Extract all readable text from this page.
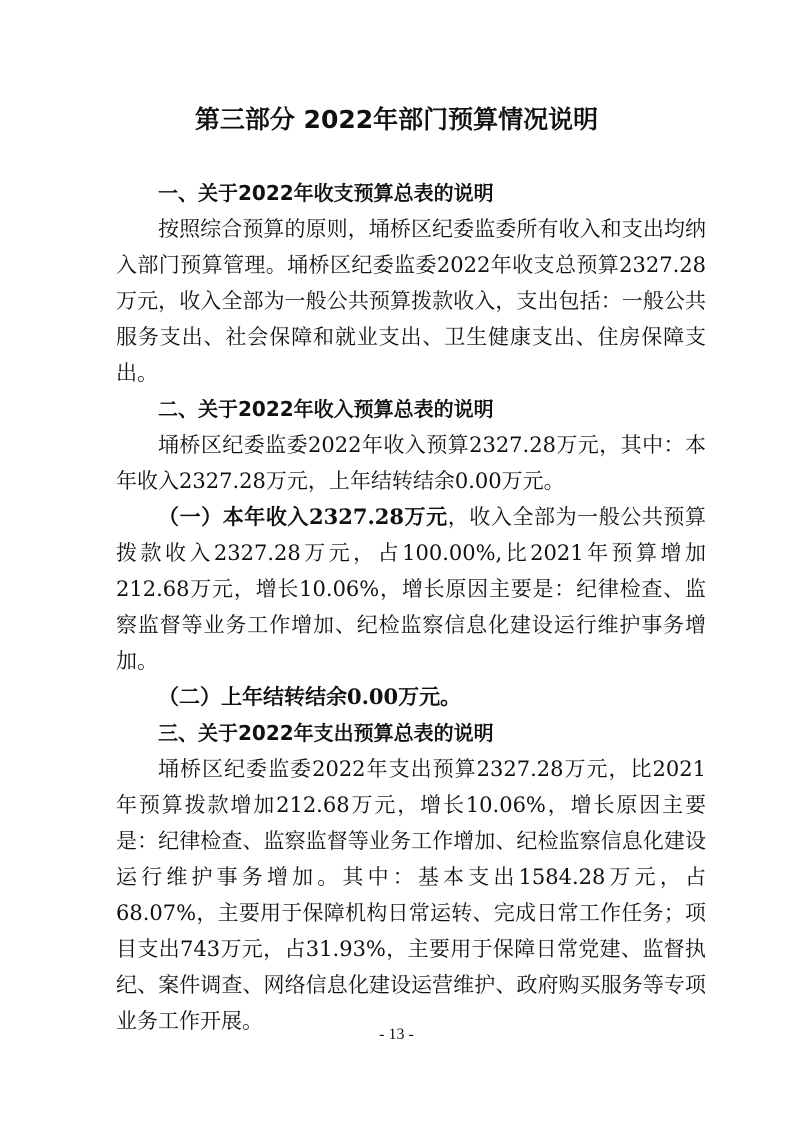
第三部分 2022年部门预算情况说明
一、关于2022年收支预算总表的说明

按照综合预算的原则，埇桥区纪委监委所有收入和支出均纳入部门预算管理。埇桥区纪委监委2022年收支总预算2327.28万元，收入全部为一般公共预算拨款收入，支出包括：一般公共服务支出、社会保障和就业支出、卫生健康支出、住房保障支出。

二、关于2022年收入预算总表的说明

埇桥区纪委监委2022年收入预算2327.28万元，其中：本年收入2327.28万元，上年结转结余0.00万元。

（一）本年收入2327.28万元，收入全部为一般公共预算拨款收入2327.28万元，占100.00%,比2021年预算增加212.68万元，增长10.06%，增长原因主要是：纪律检查、监察监督等业务工作增加、纪检监察信息化建设运行维护事务增加。

（二）上年结转结余0.00万元。
三、关于2022年支出预算总表的说明

埇桥区纪委监委2022年支出预算2327.28万元，比2021年预算拨款增加212.68万元，增长10.06%，增长原因主要是：纪律检查、监察监督等业务工作增加、纪检监察信息化建设运行维护事务增加。其中：基本支出1584.28万元，占68.07%，主要用于保障机构日常运转、完成日常工作任务；项目支出743万元，占31.93%，主要用于保障日常党建、监督执纪、案件调查、网络信息化建设运营维护、政府购买服务等专项业务工作开展。

- 13 -
